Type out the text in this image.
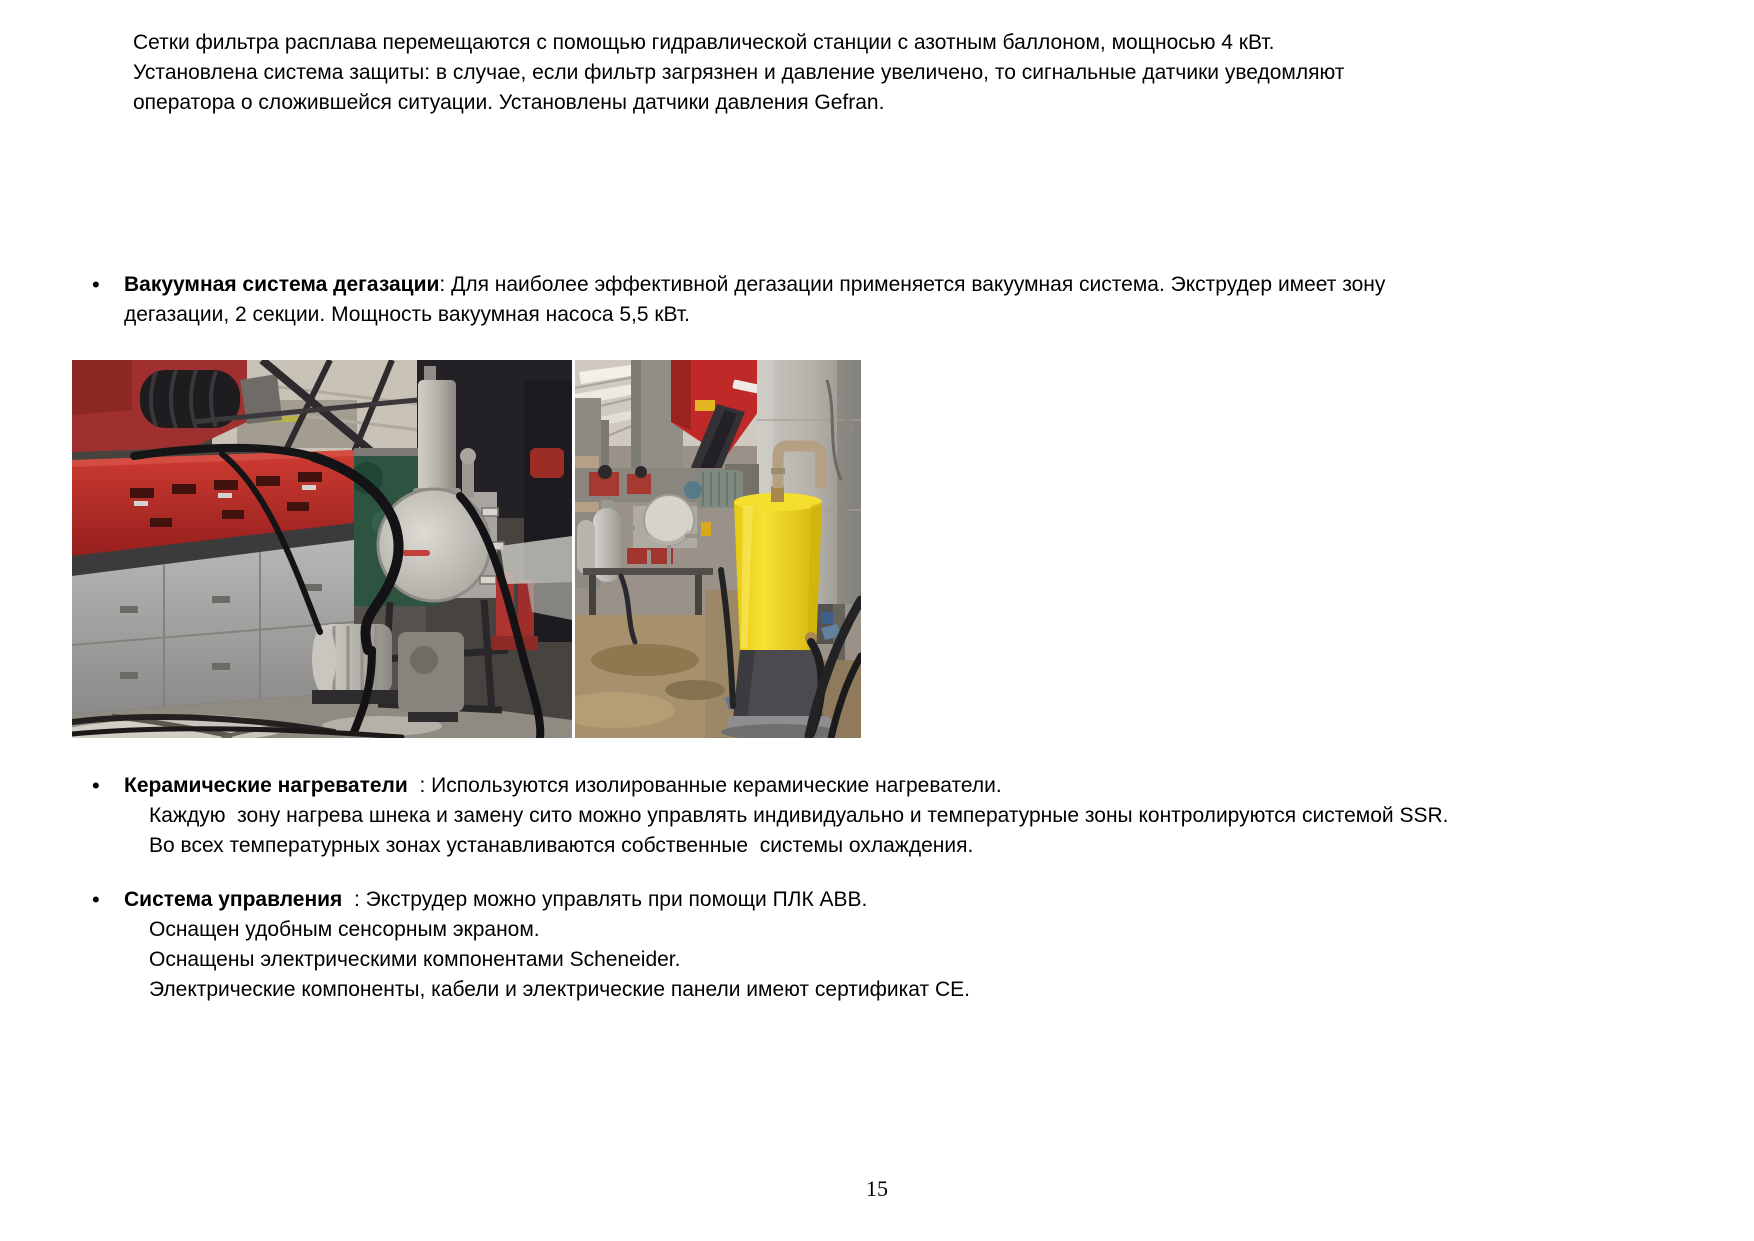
Сетки фильтра расплава перемещаются с помощью гидравлической станции с азотным баллоном, мощносью 4 кВт.
Установлена система защиты: в случае, если фильтр загрязнен и давление увеличено, то сигнальные датчики уведомляют
оператора о сложившейся ситуации. Установлены датчики давления Gefran.
•	Вакуумная система дегазации: Для наиболее эффективной дегазации применяется вакуумная система. Экструдер имеет зону
дегазации, 2 секции. Мощность вакуумная насоса 5,5 кВт.
•	Керамические нагреватели  : Используются изолированные керамические нагреватели.
Каждую  зону нагрева шнека и замену сито можно управлять индивидуально и температурные зоны контролируются системой SSR.
Во всех температурных зонах устанавливаются собственные  системы охлаждения.
•	Система управления  : Экструдер можно управлять при помощи ПЛК ABB.
Оснащен удобным сенсорным экраном.
Оснащены электрическими компонентами Scheneider.
Электрические компоненты, кабели и электрические панели имеют сертификат CE.
15
